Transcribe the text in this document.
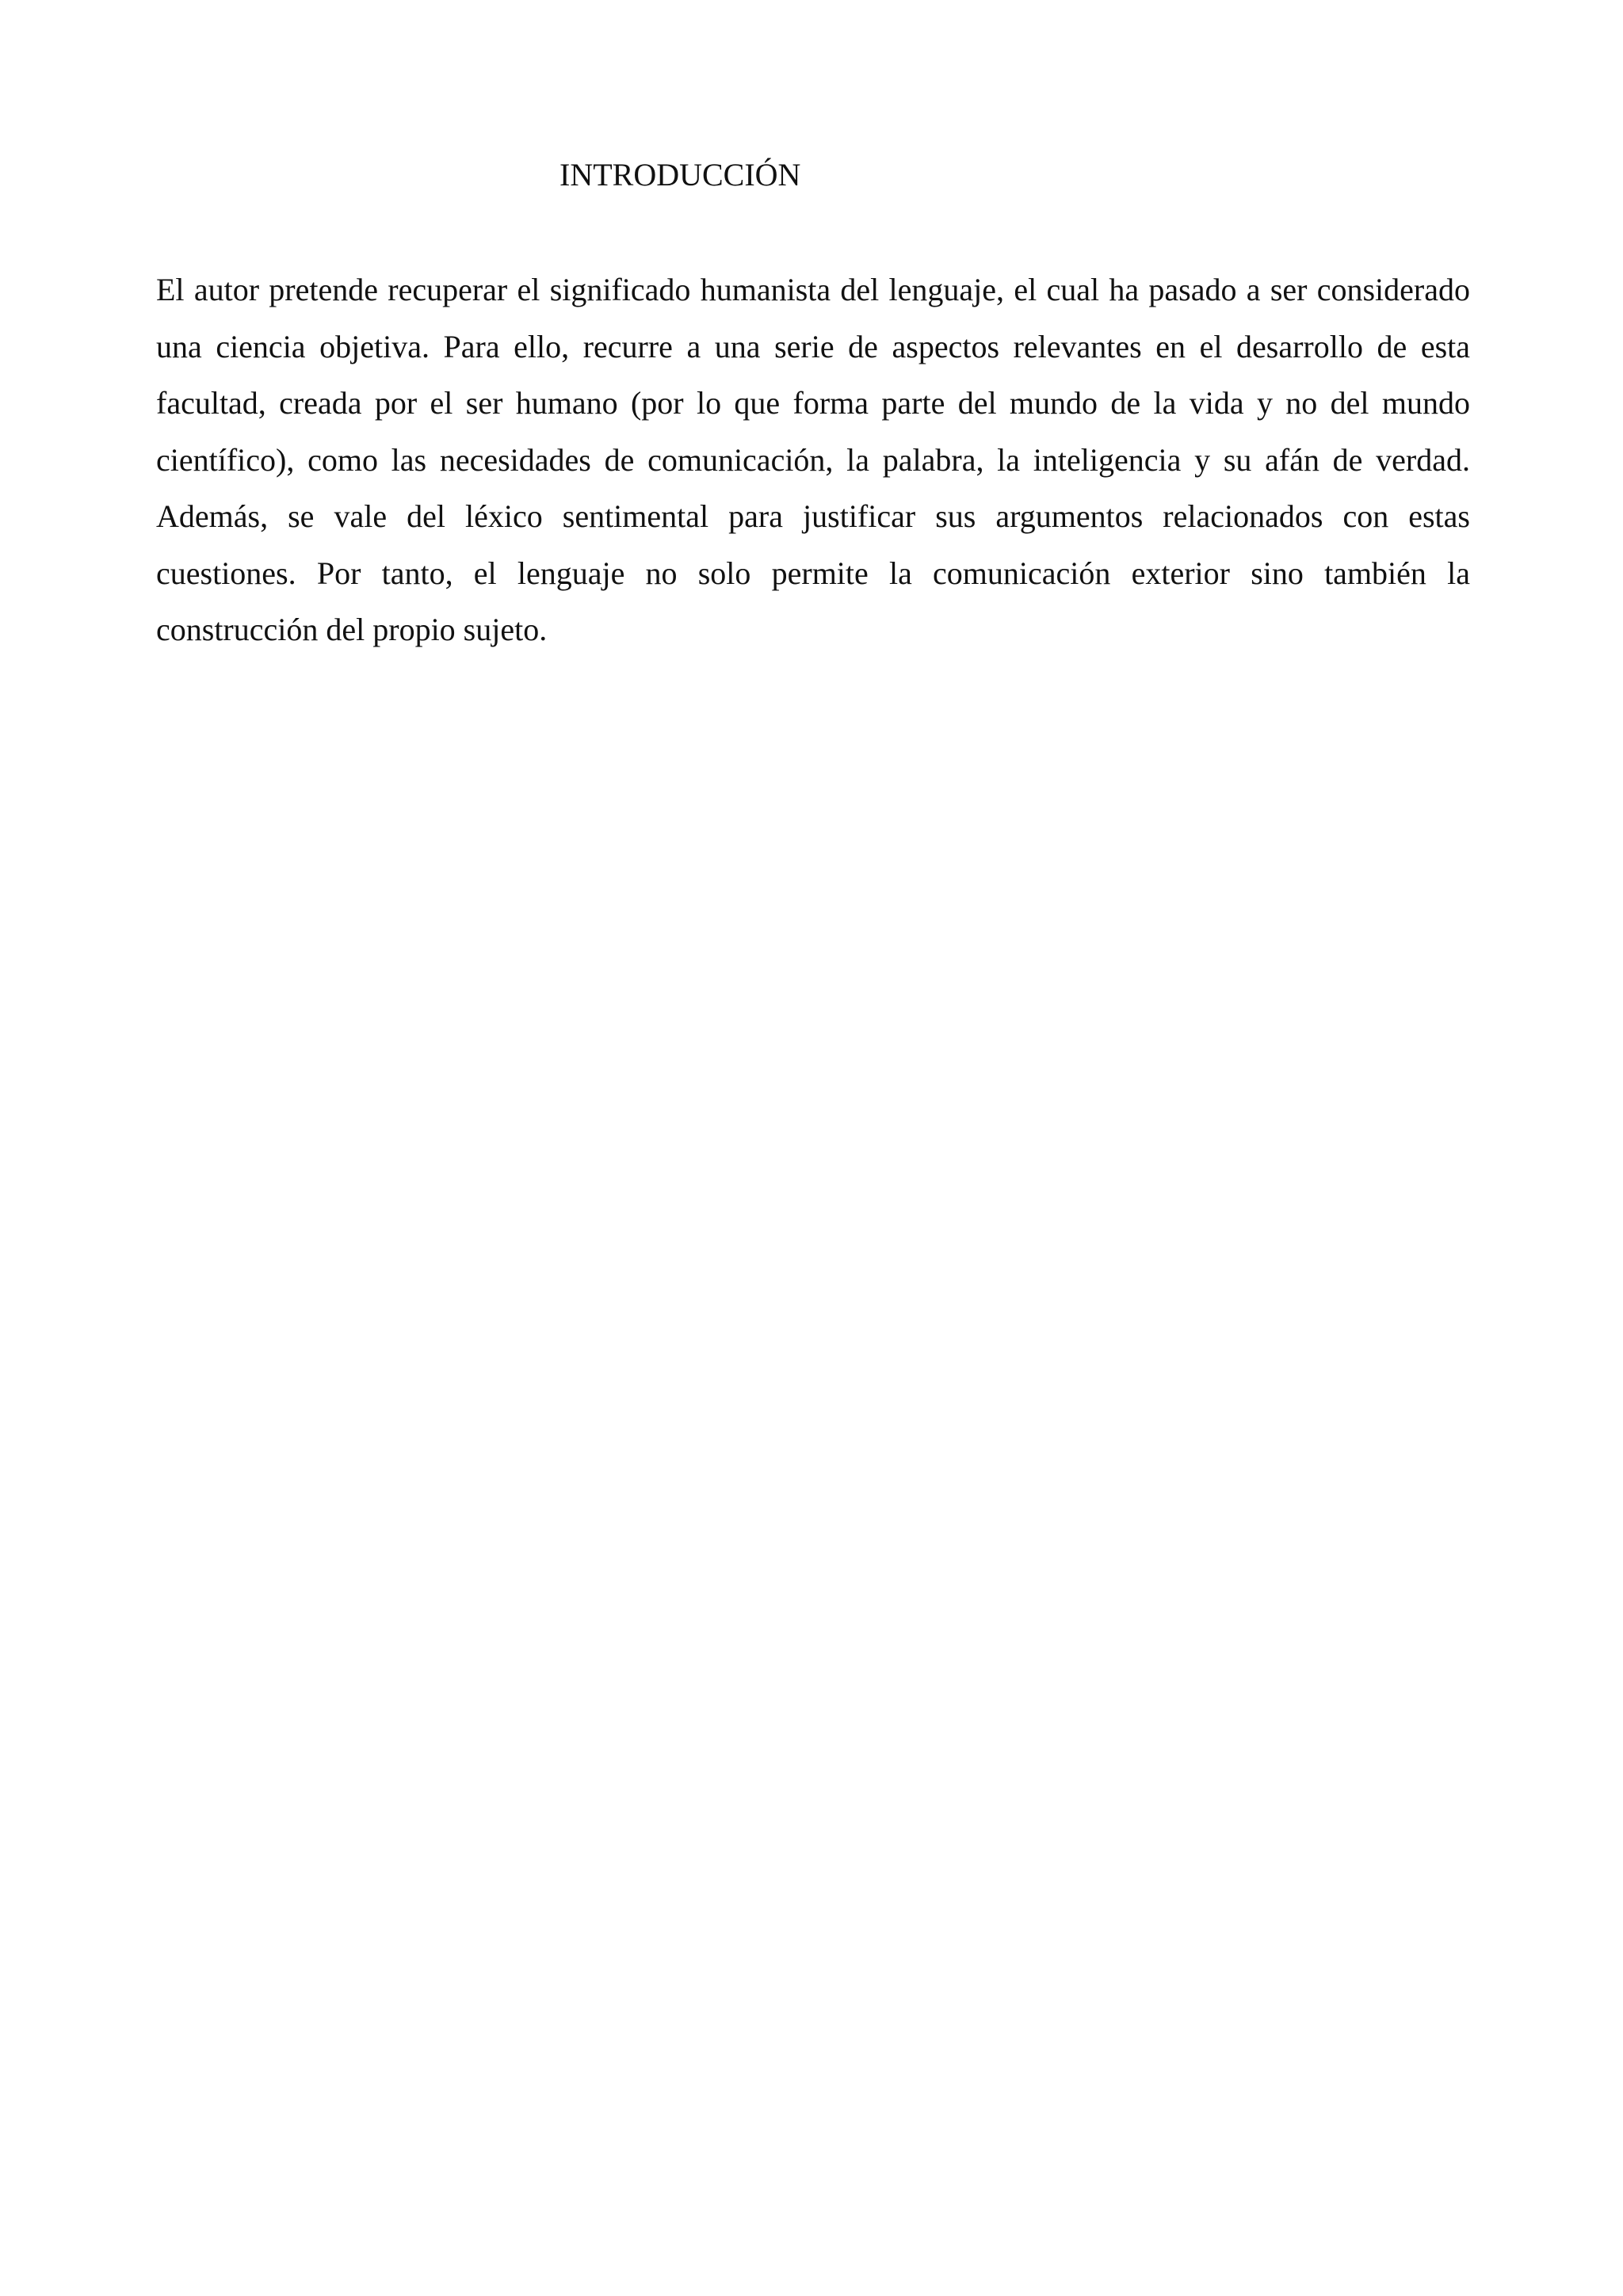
INTRODUCCIÓN

El autor pretende recuperar el significado humanista del lenguaje, el cual ha pasado a ser considerado una ciencia objetiva. Para ello, recurre a una serie de aspectos relevantes en el desarrollo de esta facultad, creada por el ser humano (por lo que forma parte del mundo de la vida y no del mundo científico), como las necesidades de comunicación, la palabra, la inteligencia y su afán de verdad. Además, se vale del léxico sentimental para justificar sus argumentos relacionados con estas cuestiones. Por tanto, el lenguaje no solo permite la comunicación exterior sino también la construcción del propio sujeto.
